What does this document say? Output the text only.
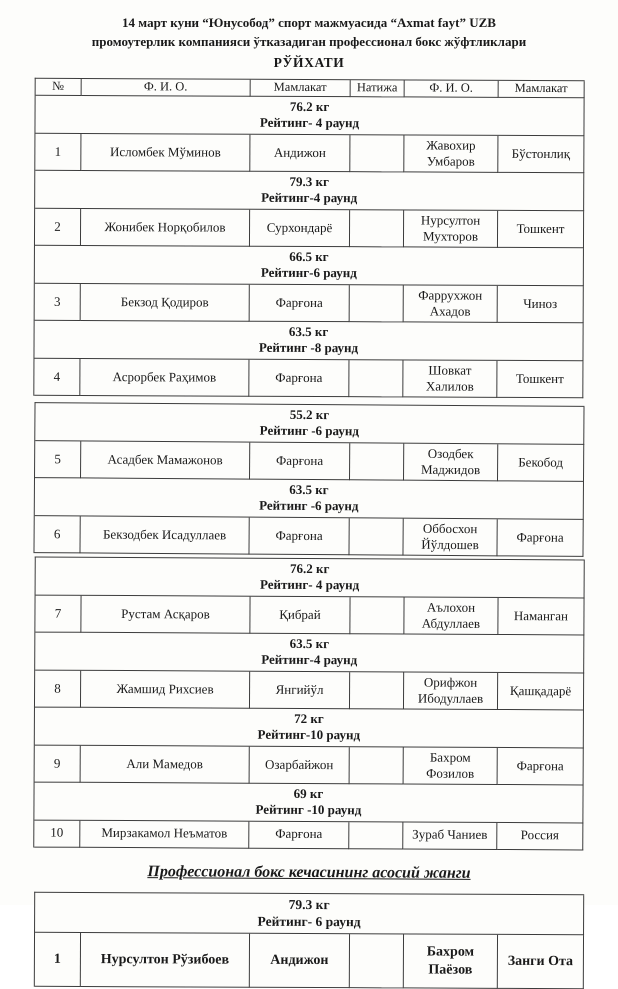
14 март куни “Юнусобод” спорт мажмуасида “Axmat fayt” UZB
промоутерлик компанияси ўтказадиган профессионал бокс жўфтликлари
РЎЙХАТИ
№	Ф. И. О.	Мамлакат	Натижа	Ф. И. О.	Мамлакат
76.2 кг
Рейтинг- 4 раунд
1	Исломбек Мўминов	Андижон	Жавохир Умбаров
Бўстонлиқ
79.3 кг
Рейтинг-4 раунд
2	Жонибек Норқобилов	Сурхондарё	Нурсултон Мухторов
Тошкент
66.5 кг
Рейтинг-6 раунд
3	Бекзод Қодиров	Фарғона	Фаррухжон Ахадов
Чиноз
63.5 кг
Рейтинг -8 раунд
4	Асрорбек Раҳимов	Фарғона	Шовкат Халилов
Тошкент
55.2 кг
Рейтинг -6 раунд
5	Асадбек Мамажонов	Фарғона	Озодбек Маджидов	Бекобод
63.5 кг
Рейтинг -6 раунд
6	Бекзодбек Исадуллаев	Фарғона	Оббосхон Йўлдошев	Фарғона
76.2 кг
Рейтинг- 4 раунд
7	Рустам Асқаров	Қибрай	Аълохон Абдуллаев
Наманган
63.5 кг
Рейтинг-4 раунд
8	Жамшид Рихсиев	Янгийўл	Орифжон Ибодуллаев	Қашқадарё
72 кг
Рейтинг-10 раунд
9	Али Мамедов	Озарбайжон	Бахром Фозилов
Фарғона
69 кг
Рейтинг -10 раунд
10	Мирзакамол Неъматов	Фарғона	Зураб Чаниев	Россия
Профессионал бокс кечасининг асосий жанги
79.3 кг
Рейтинг- 6 раунд
1	Нурсултон Рўзибоев	Андижон
Бахром Паёзов
Занги Ота
